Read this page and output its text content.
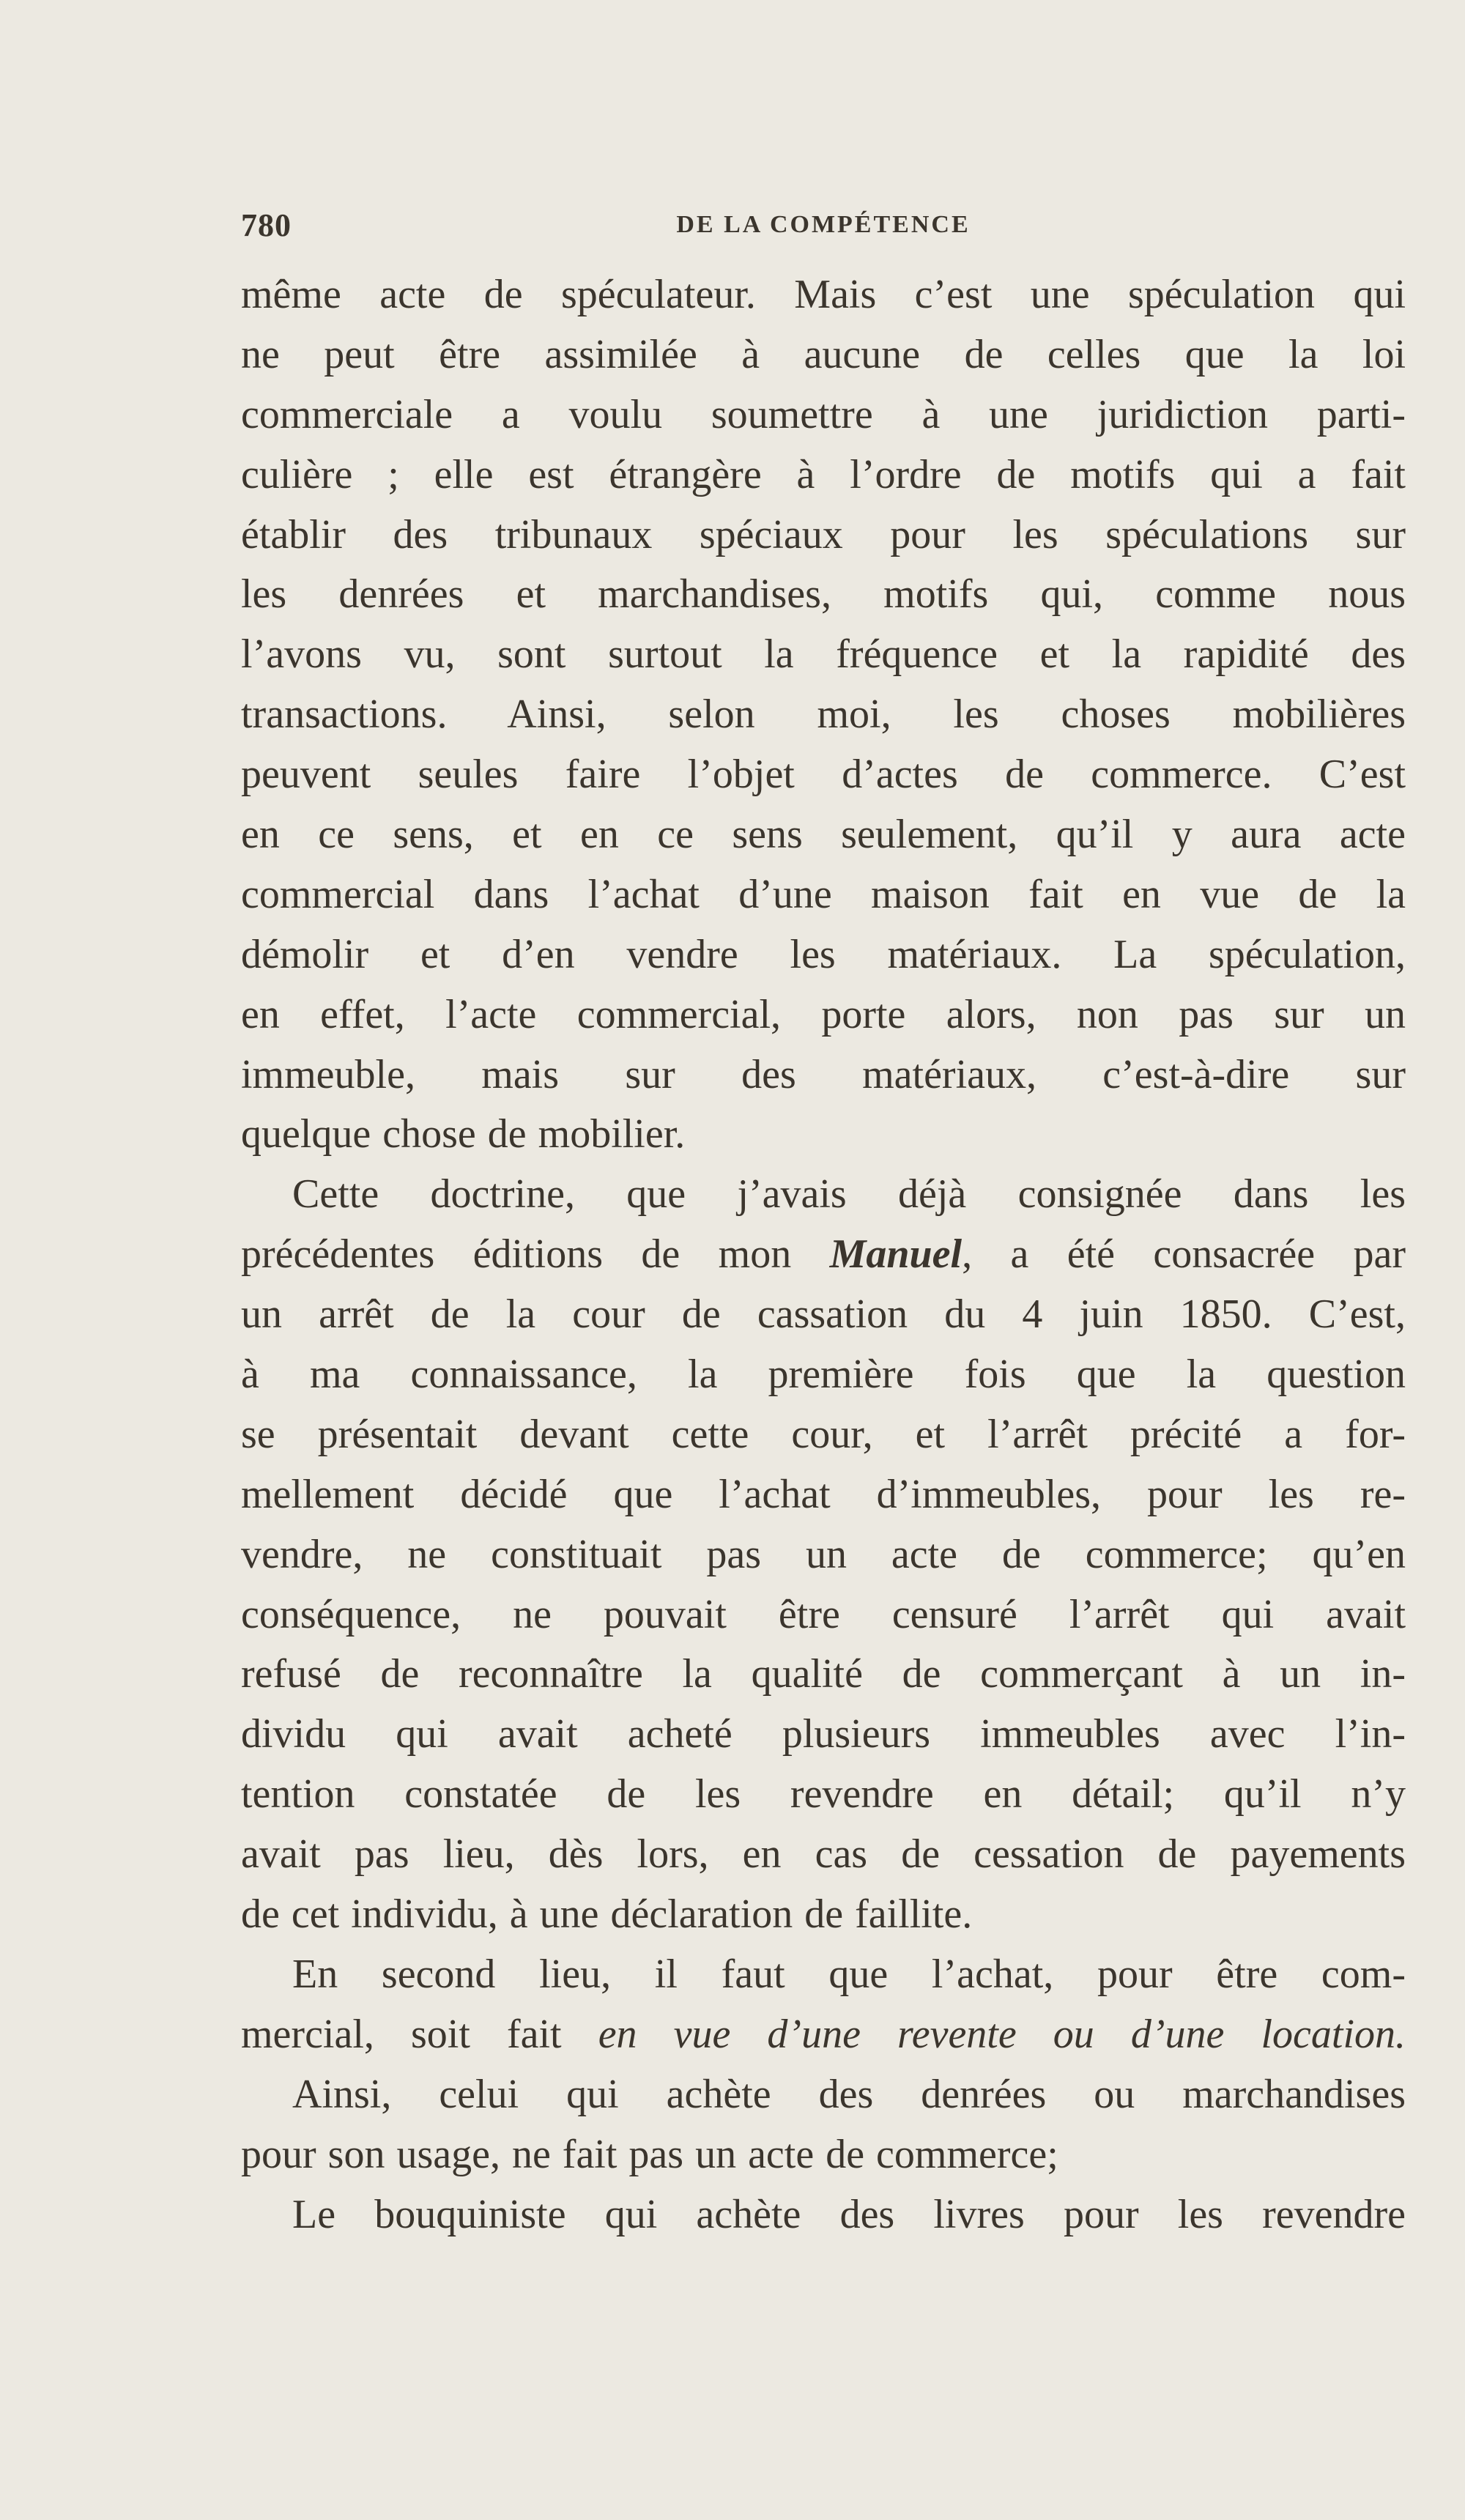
780	DE LA COMPÉTENCE
même acte de spéculateur. Mais c’est une spéculation qui
ne peut être assimilée à aucune de celles que la loi
commerciale a voulu soumettre à une juridiction parti-
culière ; elle est étrangère à l’ordre de motifs qui a fait
établir des tribunaux spéciaux pour les spéculations sur
les denrées et marchandises, motifs qui, comme nous
l’avons vu, sont surtout la fréquence et la rapidité des
transactions. Ainsi, selon moi, les choses mobilières
peuvent seules faire l’objet d’actes de commerce. C’est
en ce sens, et en ce sens seulement, qu’il y aura acte
commercial dans l’achat d’une maison fait en vue de la
démolir et d’en vendre les matériaux. La spéculation,
en effet, l’acte commercial, porte alors, non pas sur un
immeuble, mais sur des matériaux, c’est-à-dire sur
quelque chose de mobilier.
Cette doctrine, que j’avais déjà consignée dans les
précédentes éditions de mon Manuel, a été consacrée par
un arrêt de la cour de cassation du 4 juin 1850. C’est,
à ma connaissance, la première fois que la question
se présentait devant cette cour, et l’arrêt précité a for-
mellement décidé que l’achat d’immeubles, pour les re-
vendre, ne constituait pas un acte de commerce; qu’en
conséquence, ne pouvait être censuré l’arrêt qui avait
refusé de reconnaître la qualité de commerçant à un in-
dividu qui avait acheté plusieurs immeubles avec l’in-
tention constatée de les revendre en détail; qu’il n’y
avait pas lieu, dès lors, en cas de cessation de payements
de cet individu, à une déclaration de faillite.
En second lieu, il faut que l’achat, pour être com-
mercial, soit fait en vue d’une revente ou d’une location.
Ainsi, celui qui achète des denrées ou marchandises
pour son usage, ne fait pas un acte de commerce;
Le bouquiniste qui achète des livres pour les revendre
